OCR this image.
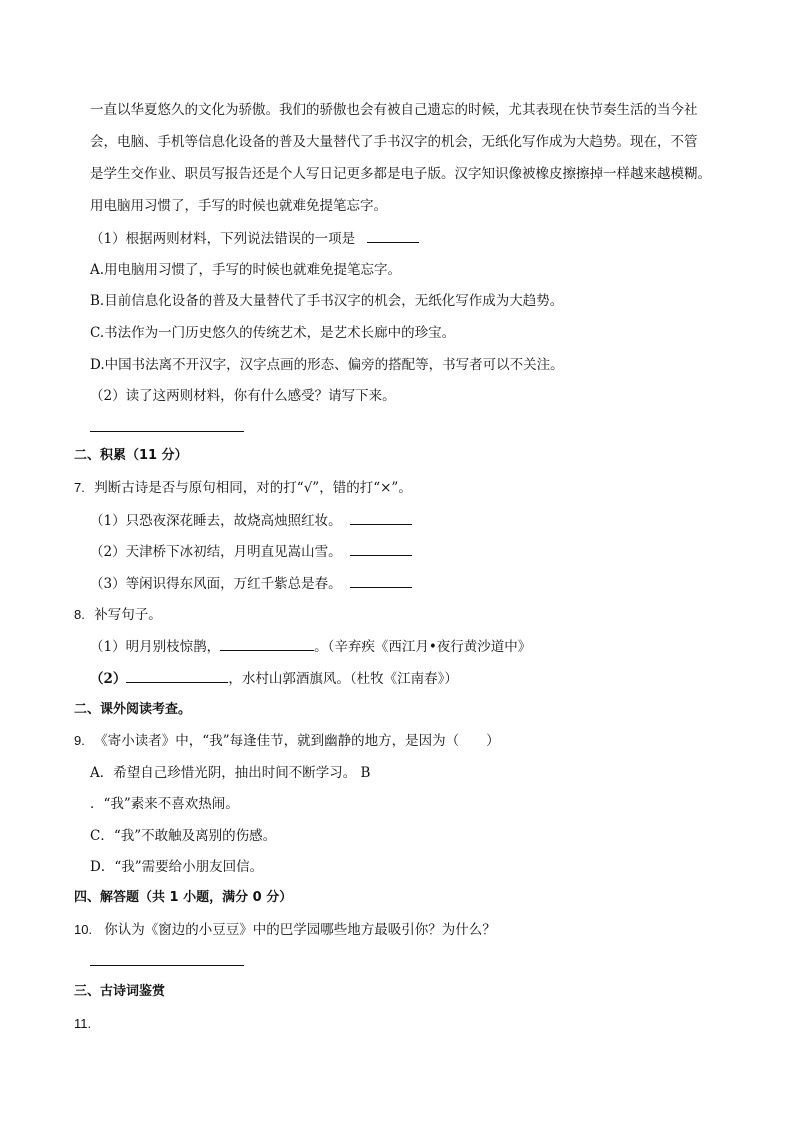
一直以华夏悠久的文化为骄傲。我们的骄傲也会有被自己遗忘的时候，尤其表现在快节奏生活的当今社
会，电脑、手机等信息化设备的普及大量替代了手书汉字的机会，无纸化写作成为大趋势。现在，不管
是学生交作业、职员写报告还是个人写日记更多都是电子版。汉字知识像被橡皮擦擦掉一样越来越模糊。
用电脑用习惯了，手写的时候也就难免提笔忘字。
（1）根据两则材料，下列说法错误的一项是
A.用电脑用习惯了，手写的时候也就难免提笔忘字。
B.目前信息化设备的普及大量替代了手书汉字的机会，无纸化写作成为大趋势。
C.书法作为一门历史悠久的传统艺术，是艺术长廊中的珍宝。
D.中国书法离不开汉字，汉字点画的形态、偏旁的搭配等，书写者可以不关注。
（2）读了这两则材料，你有什么感受？请写下来。
二、积累（11 分）
7. 判断古诗是否与原句相同，对的打“√”，错的打“×”。
（1）只恐夜深花睡去，故烧高烛照红妆。
（2）天津桥下冰初结，月明直见嵩山雪。
（3）等闲识得东风面，万红千紫总是春。
8. 补写句子。
（1）明月别枝惊鹊，	。（辛弃疾《西江月•夜行黄沙道中》
（2）	，水村山郭酒旗风。（杜牧《江南春》）
二、课外阅读考查。
9. 《寄小读者》中，“我”每逢佳节，就到幽静的地方，是因为（　　）
A．希望自己珍惜光阴，抽出时间不断学习。 B
．“我”素来不喜欢热闹。
C．“我”不敢触及离别的伤感。
D．“我”需要给小朋友回信。
四、解答题（共 1 小题，满分 0 分）
10. 你认为《窗边的小豆豆》中的巴学园哪些地方最吸引你？为什么？
三、古诗词鉴赏
11.
